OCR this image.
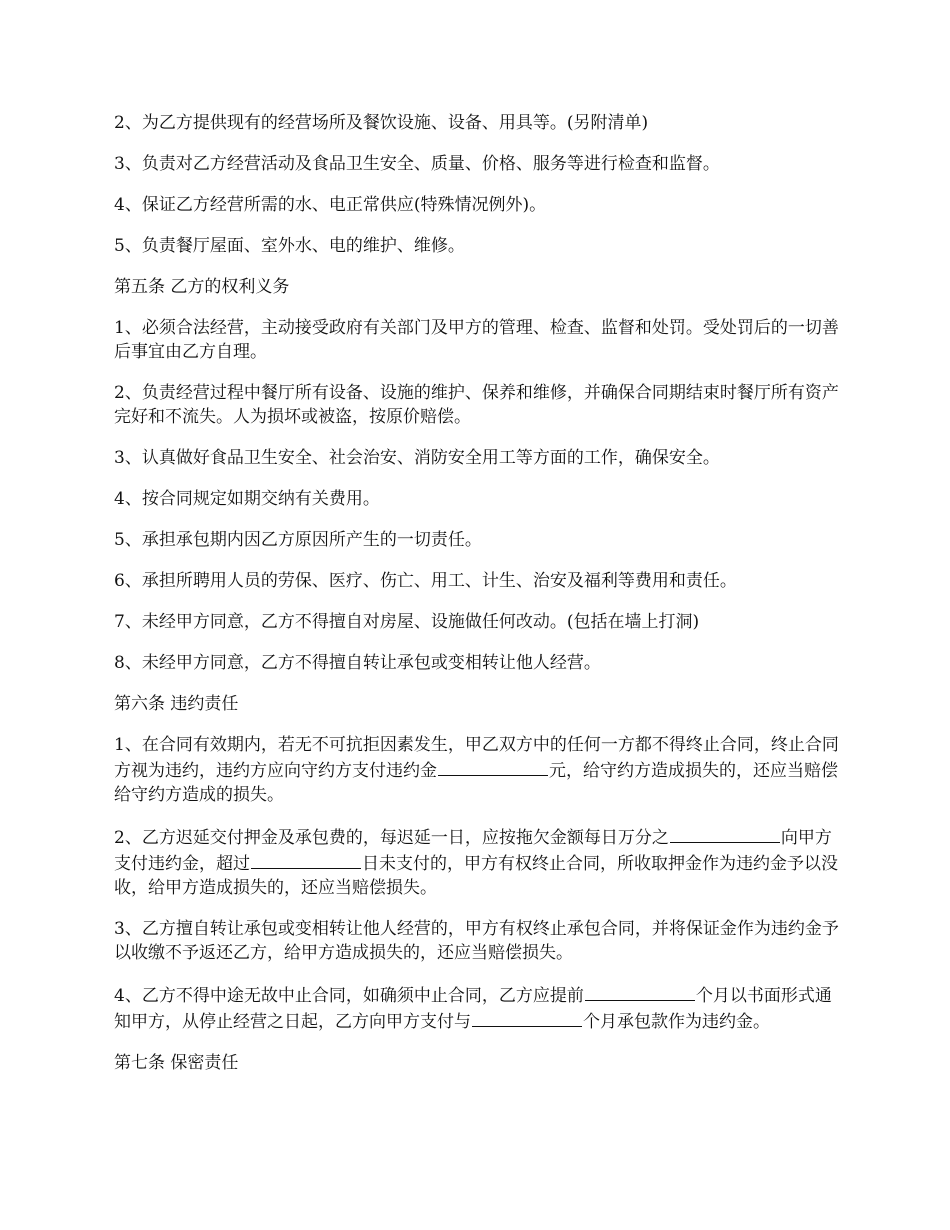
2、为乙方提供现有的经营场所及餐饮设施、设备、用具等。(另附清单)

3、负责对乙方经营活动及食品卫生安全、质量、价格、服务等进行检查和监督。

4、保证乙方经营所需的水、电正常供应(特殊情况例外)。

5、负责餐厅屋面、室外水、电的维护、维修。

第五条 乙方的权利义务

1、必须合法经营，主动接受政府有关部门及甲方的管理、检查、监督和处罚。受处罚后的一切善后事宜由乙方自理。

2、负责经营过程中餐厅所有设备、设施的维护、保养和维修，并确保合同期结束时餐厅所有资产完好和不流失。人为损坏或被盗，按原价赔偿。

3、认真做好食品卫生安全、社会治安、消防安全用工等方面的工作，确保安全。

4、按合同规定如期交纳有关费用。

5、承担承包期内因乙方原因所产生的一切责任。

6、承担所聘用人员的劳保、医疗、伤亡、用工、计生、治安及福利等费用和责任。

7、未经甲方同意，乙方不得擅自对房屋、设施做任何改动。(包括在墙上打洞)

8、未经甲方同意，乙方不得擅自转让承包或变相转让他人经营。

第六条 违约责任

1、在合同有效期内，若无不可抗拒因素发生，甲乙双方中的任何一方都不得终止合同，终止合同方视为违约，违约方应向守约方支付违约金	元，给守约方造成损失的，还应当赔偿给守约方造成的损失。

2、乙方迟延交付押金及承包费的，每迟延一日，应按拖欠金额每日万分之	向甲方支付违约金，超过	日未支付的，甲方有权终止合同，所收取押金作为违约金予以没收，给甲方造成损失的，还应当赔偿损失。

3、乙方擅自转让承包或变相转让他人经营的，甲方有权终止承包合同，并将保证金作为违约金予以收缴不予返还乙方，给甲方造成损失的，还应当赔偿损失。

4、乙方不得中途无故中止合同，如确须中止合同，乙方应提前	个月以书面形式通知甲方，从停止经营之日起，乙方向甲方支付与	个月承包款作为违约金。

第七条 保密责任
